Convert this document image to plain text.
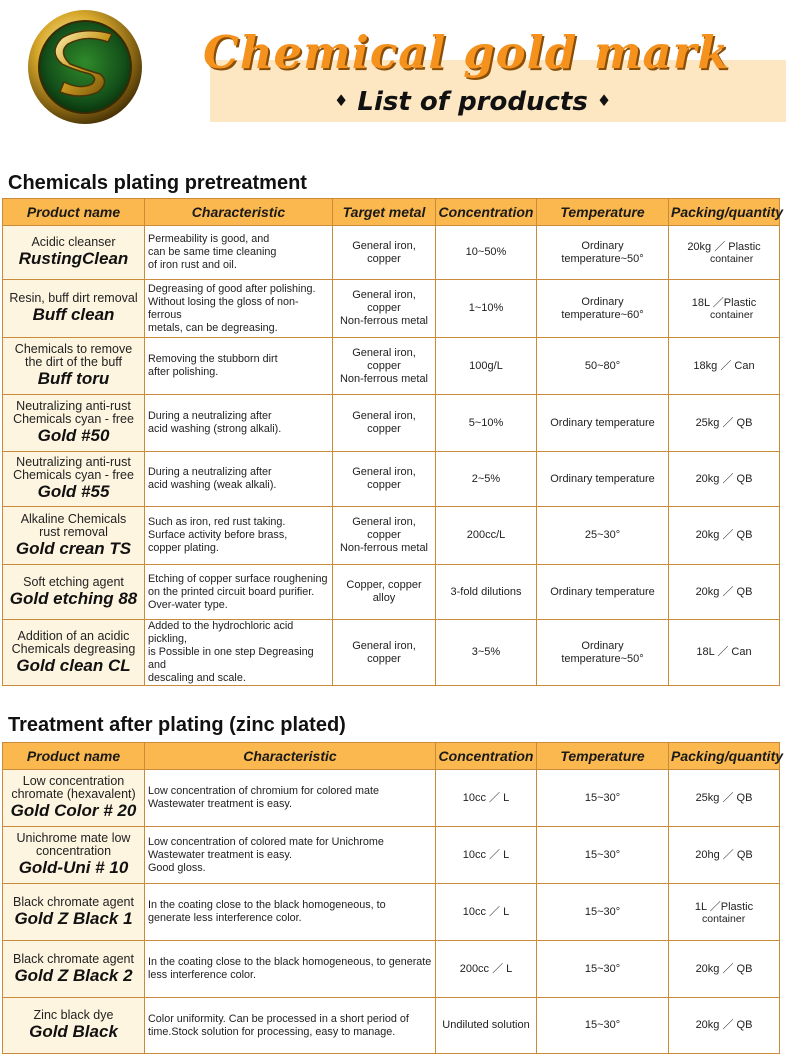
Chemical gold mark
♦ List of products ♦
Chemicals plating pretreatment
Product name	Characteristic	Target metal	Concentration	Temperature	Packing/quantity

Acidic cleanser
RustingClean	Permeability is good, and
can be same time cleaning
of iron rust and oil.	General iron, copper	10~50%	Ordinary temperature~50°	20kg ／ Plastic
container

Resin, buff dirt removal
Buff clean	Degreasing of good after polishing.
Without losing the gloss of non-ferrous
metals, can be degreasing.	General iron, copper
Non-ferrous metal	1~10%	Ordinary temperature~60°	18L ／Plastic
container

Chemicals to remove
the dirt of the buff
Buff toru	Removing the stubborn dirt
after polishing.	General iron, copper
Non-ferrous metal	100g/L	50~80°	18kg ／ Can

Neutralizing anti-rust
Chemicals cyan - free
Gold #50	During a neutralizing after
acid washing (strong alkali).	General iron, copper	5~10%	Ordinary temperature	25kg ／ QB

Neutralizing anti-rust
Chemicals cyan - free
Gold #55	During a neutralizing after
acid washing (weak alkali).	General iron, copper	2~5%	Ordinary temperature	20kg ／ QB

Alkaline Chemicals
rust removal
Gold crean TS	Such as iron, red rust taking.
Surface activity before brass,
copper plating.	General iron, copper
Non-ferrous metal	200cc/L	25~30°	20kg ／ QB

Soft etching agent
Gold etching 88	Etching of copper surface roughening
on the printed circuit board purifier.
Over-water type.	Copper, copper alloy	3-fold dilutions	Ordinary temperature	20kg ／ QB

Addition of an acidic
Chemicals degreasing
Gold clean CL	Added to the hydrochloric acid pickling,
is Possible in one step Degreasing and
descaling and scale.	General iron, copper	3~5%	Ordinary temperature~50°	18L ／ Can
Treatment after plating (zinc plated)
Product name	Characteristic	Concentration	Temperature	Packing/quantity

Low concentration
chromate (hexavalent)
Gold Color # 20	Low concentration of chromium for colored mate
Wastewater treatment is easy.	10cc ／ L	15~30°	25kg ／ QB

Unichrome mate low
concentration
Gold-Uni # 10	Low concentration of colored mate for Unichrome
Wastewater treatment is easy.
Good gloss.	10cc ／ L	15~30°	20hg ／ QB

Black chromate agent
Gold Z Black 1	In the coating close to the black homogeneous, to
generate less interference color.	10cc ／ L	15~30°	1L ／Plastic
container

Black chromate agent
Gold Z Black 2	In the coating close to the black homogeneous, to generate
less interference color.	200cc ／ L	15~30°	20kg ／ QB

Zinc black dye
Gold Black	Color uniformity. Can be processed in a short period of
time.Stock solution for processing, easy to manage.	Undiluted solution	15~30°	20kg ／ QB
